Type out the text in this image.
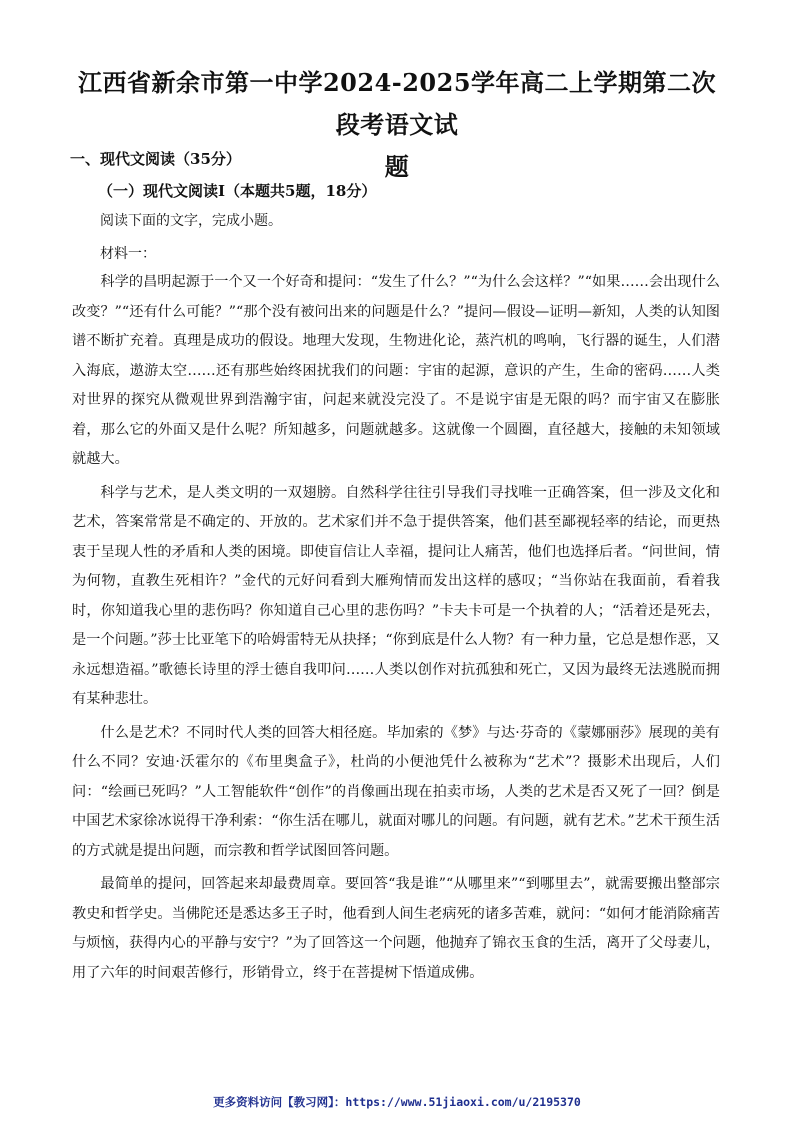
江西省新余市第一中学2024-2025学年高二上学期第二次段考语文试
题
一、现代文阅读（35分）
（一）现代文阅读Ⅰ（本题共5题，18分）
阅读下面的文字，完成小题。
材料一：

科学的昌明起源于一个又一个好奇和提问：“发生了什么？”“为什么会这样？”“如果……会出现什么改变？”“还有什么可能？”“那个没有被问出来的问题是什么？”提问—假设—证明—新知，人类的认知图谱不断扩充着。真理是成功的假设。地理大发现，生物进化论，蒸汽机的鸣响，飞行器的诞生，人们潜入海底，遨游太空……还有那些始终困扰我们的问题：宇宙的起源，意识的产生，生命的密码……人类对世界的探究从微观世界到浩瀚宇宙，问起来就没完没了。不是说宇宙是无限的吗？而宇宙又在膨胀着，那么它的外面又是什么呢？所知越多，问题就越多。这就像一个圆圈，直径越大，接触的未知领域就越大。

科学与艺术，是人类文明的一双翅膀。自然科学往往引导我们寻找唯一正确答案，但一涉及文化和艺术，答案常常是不确定的、开放的。艺术家们并不急于提供答案，他们甚至鄙视轻率的结论，而更热衷于呈现人性的矛盾和人类的困境。即使盲信让人幸福，提问让人痛苦，他们也选择后者。“问世间，情为何物，直教生死相许？”金代的元好问看到大雁殉情而发出这样的感叹；“当你站在我面前，看着我时，你知道我心里的悲伤吗？你知道自己心里的悲伤吗？”卡夫卡可是一个执着的人；“活着还是死去，是一个问题。”莎士比亚笔下的哈姆雷特无从抉择；“你到底是什么人物？有一种力量，它总是想作恶，又永远想造福。”歌德长诗里的浮士德自我叩问……人类以创作对抗孤独和死亡，又因为最终无法逃脱而拥有某种悲壮。

什么是艺术？不同时代人类的回答大相径庭。毕加索的《梦》与达·芬奇的《蒙娜丽莎》展现的美有什么不同？安迪·沃霍尔的《布里奥盒子》，杜尚的小便池凭什么被称为“艺术”？摄影术出现后，人们问：“绘画已死吗？”人工智能软件“创作”的肖像画出现在拍卖市场，人类的艺术是否又死了一回？倒是中国艺术家徐冰说得干净利索：“你生活在哪儿，就面对哪儿的问题。有问题，就有艺术。”艺术干预生活的方式就是提出问题，而宗教和哲学试图回答问题。

最简单的提问，回答起来却最费周章。要回答“我是谁”“从哪里来”“到哪里去”，就需要搬出整部宗教史和哲学史。当佛陀还是悉达多王子时，他看到人间生老病死的诸多苦难，就问：“如何才能消除痛苦与烦恼，获得内心的平静与安宁？”为了回答这一个问题，他抛弃了锦衣玉食的生活，离开了父母妻儿，用了六年的时间艰苦修行，形销骨立，终于在菩提树下悟道成佛。

更多资料访问【教习网】：https://www.51jiaoxi.com/u/2195370
